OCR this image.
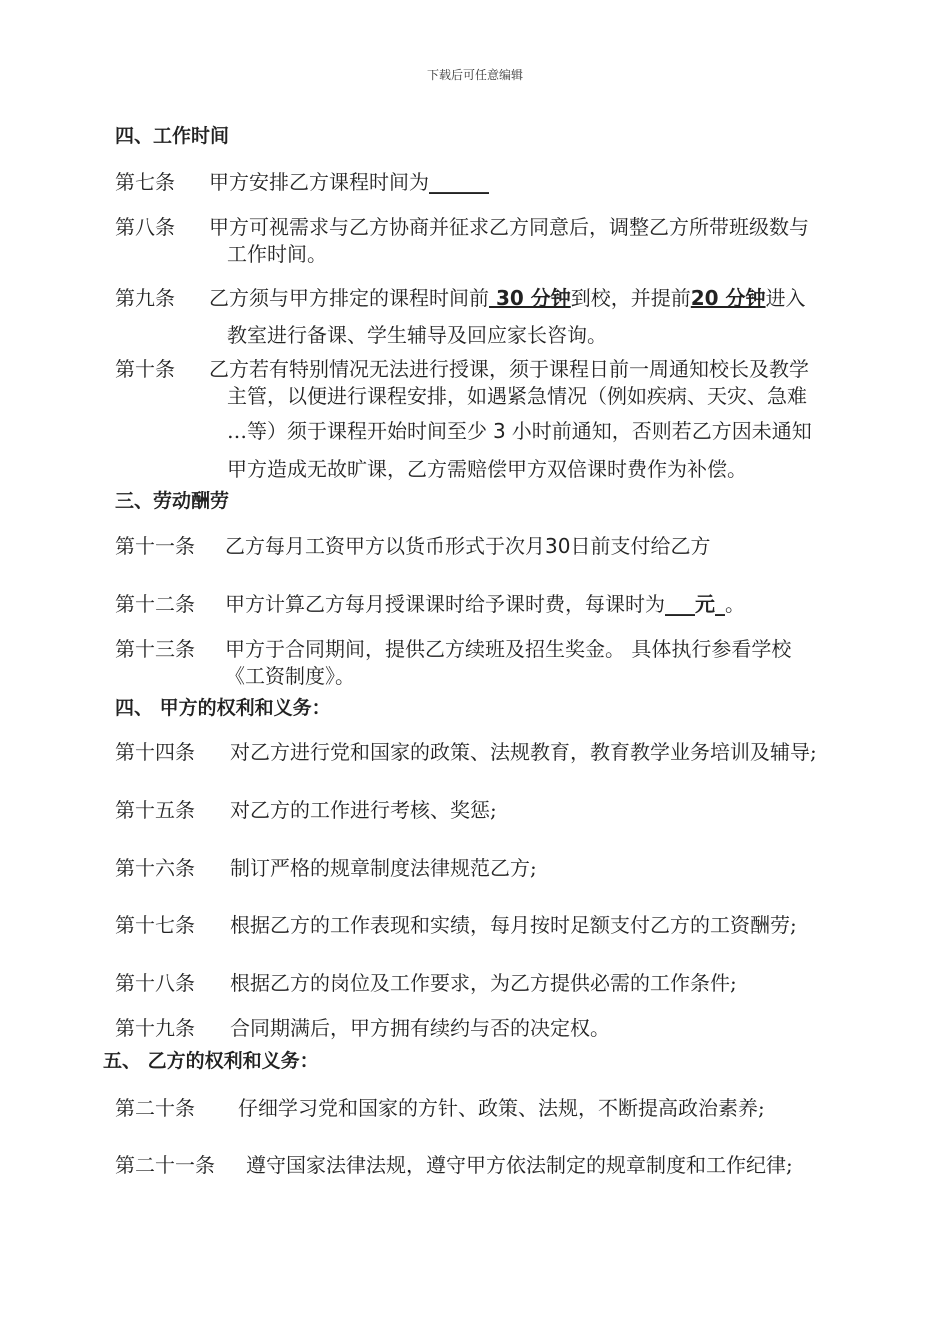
下载后可任意编辑
四、工作时间
第七条 甲方安排乙方课程时间为______
第八条 甲方可视需求与乙方协商并征求乙方同意后，调整乙方所带班级数与
工作时间。
第九条 乙方须与甲方排定的课程时间前 30 分钟到校，并提前20 分钟进入
教室进行备课、学生辅导及回应家长咨询。
第十条 乙方若有特别情况无法进行授课，须于课程日前一周通知校长及教学
主管，以便进行课程安排，如遇紧急情况（例如疾病、天灾、急难
…等）须于课程开始时间至少 3 小时前通知，否则若乙方因未通知
甲方造成无故旷课，乙方需赔偿甲方双倍课时费作为补偿。
三、劳动酬劳
第十一条 乙方每月工资甲方以货币形式于次月30日前支付给乙方
第十二条 甲方计算乙方每月授课课时给予课时费，每课时为___元_。
第十三条 甲方于合同期间，提供乙方续班及招生奖金。 具体执行参看学校
《工资制度》。
四、 甲方的权利和义务：
第十四条 对乙方进行党和国家的政策、法规教育，教育教学业务培训及辅导;
第十五条 对乙方的工作进行考核、奖惩;
第十六条 制订严格的规章制度法律规范乙方;
第十七条 根据乙方的工作表现和实绩，每月按时足额支付乙方的工资酬劳;
第十八条 根据乙方的岗位及工作要求，为乙方提供必需的工作条件;
第十九条 合同期满后，甲方拥有续约与否的决定权。
五、 乙方的权利和义务：
第二十条 仔细学习党和国家的方针、政策、法规，不断提高政治素养;
第二十一条 遵守国家法律法规，遵守甲方依法制定的规章制度和工作纪律;
